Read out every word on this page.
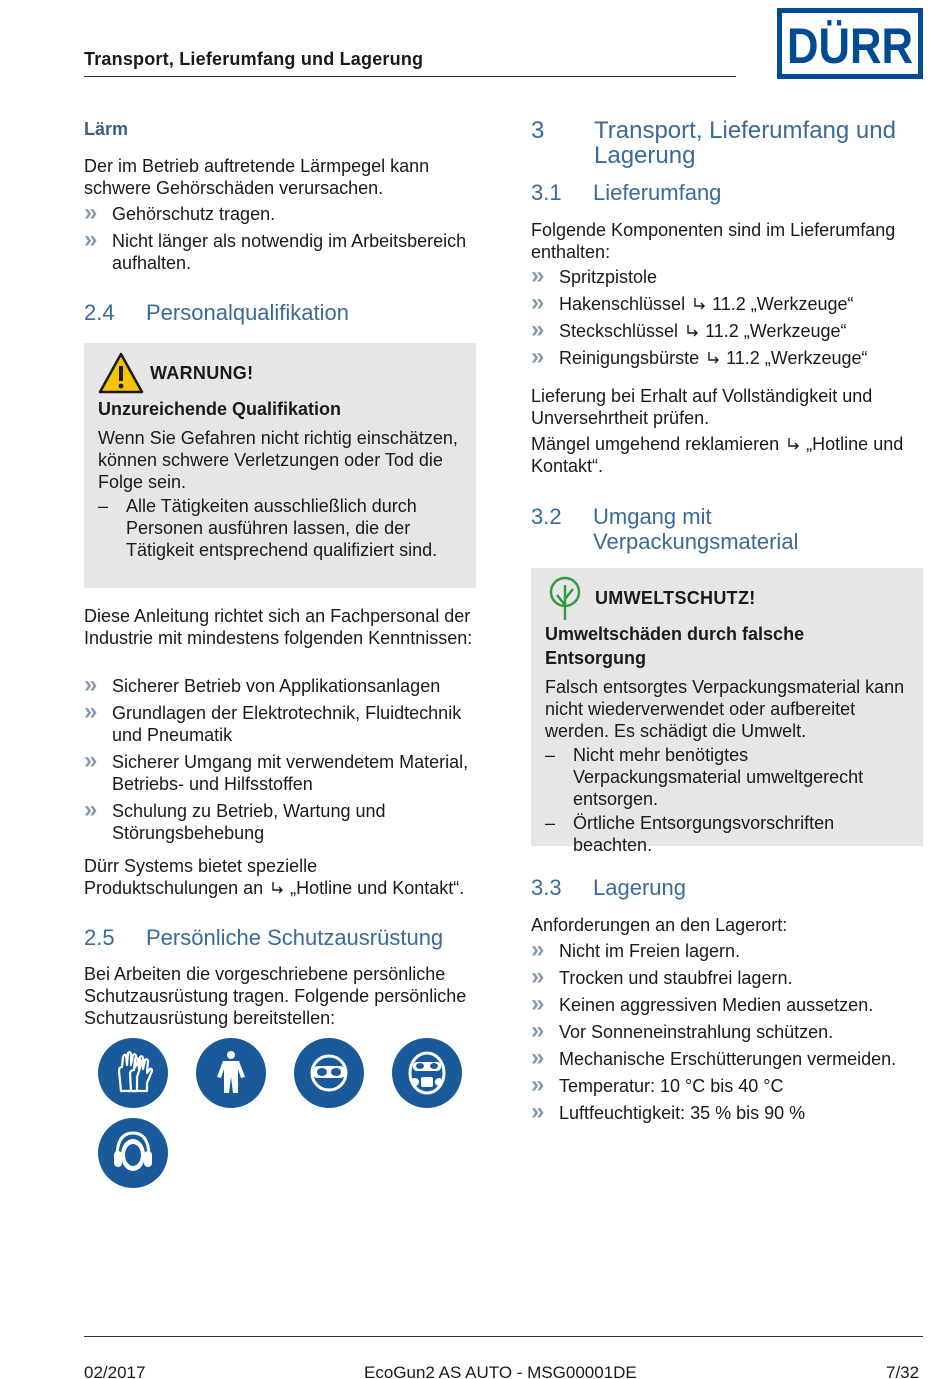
Transport, Lieferumfang und Lagerung	DÜRR
Lärm
Der im Betrieb auftretende Lärmpegel kann schwere Gehörschäden verursachen.
» Gehörschutz tragen.
» Nicht länger als notwendig im Arbeitsbereich aufhalten.
2.4	Personalqualifikation
WARNUNG!
Unzureichende Qualifikation
Wenn Sie Gefahren nicht richtig einschätzen, können schwere Verletzungen oder Tod die Folge sein.
– Alle Tätigkeiten ausschließlich durch Personen ausführen lassen, die der Tätigkeit entsprechend qualifiziert sind.
Diese Anleitung richtet sich an Fachpersonal der Industrie mit mindestens folgenden Kenntnissen:
» Sicherer Betrieb von Applikationsanlagen
» Grundlagen der Elektrotechnik, Fluidtechnik und Pneumatik
» Sicherer Umgang mit verwendetem Material, Betriebs- und Hilfsstoffen
» Schulung zu Betrieb, Wartung und Störungsbehebung
Dürr Systems bietet spezielle Produktschulungen an „Hotline und Kontakt“.
2.5	Persönliche Schutzausrüstung
Bei Arbeiten die vorgeschriebene persönliche Schutzausrüstung tragen. Folgende persönliche Schutzausrüstung bereitstellen:
3	Transport, Lieferumfang und Lagerung
3.1	Lieferumfang
Folgende Komponenten sind im Lieferumfang enthalten:
» Spritzpistole
» Hakenschlüssel 11.2 „Werkzeuge“
» Steckschlüssel 11.2 „Werkzeuge“
» Reinigungsbürste 11.2 „Werkzeuge“
Lieferung bei Erhalt auf Vollständigkeit und Unversehrtheit prüfen.
Mängel umgehend reklamieren „Hotline und Kontakt“.
3.2	Umgang mit Verpackungsmaterial
UMWELTSCHUTZ!
Umweltschäden durch falsche Entsorgung
Falsch entsorgtes Verpackungsmaterial kann nicht wiederverwendet oder aufbereitet werden. Es schädigt die Umwelt.
– Nicht mehr benötigtes Verpackungsmaterial umweltgerecht entsorgen.
– Örtliche Entsorgungsvorschriften beachten.
3.3	Lagerung
Anforderungen an den Lagerort:
» Nicht im Freien lagern.
» Trocken und staubfrei lagern.
» Keinen aggressiven Medien aussetzen.
» Vor Sonneneinstrahlung schützen.
» Mechanische Erschütterungen vermeiden.
» Temperatur: 10 °C bis 40 °C
» Luftfeuchtigkeit: 35 % bis 90 %
02/2017	EcoGun2 AS AUTO - MSG00001DE	7/32
